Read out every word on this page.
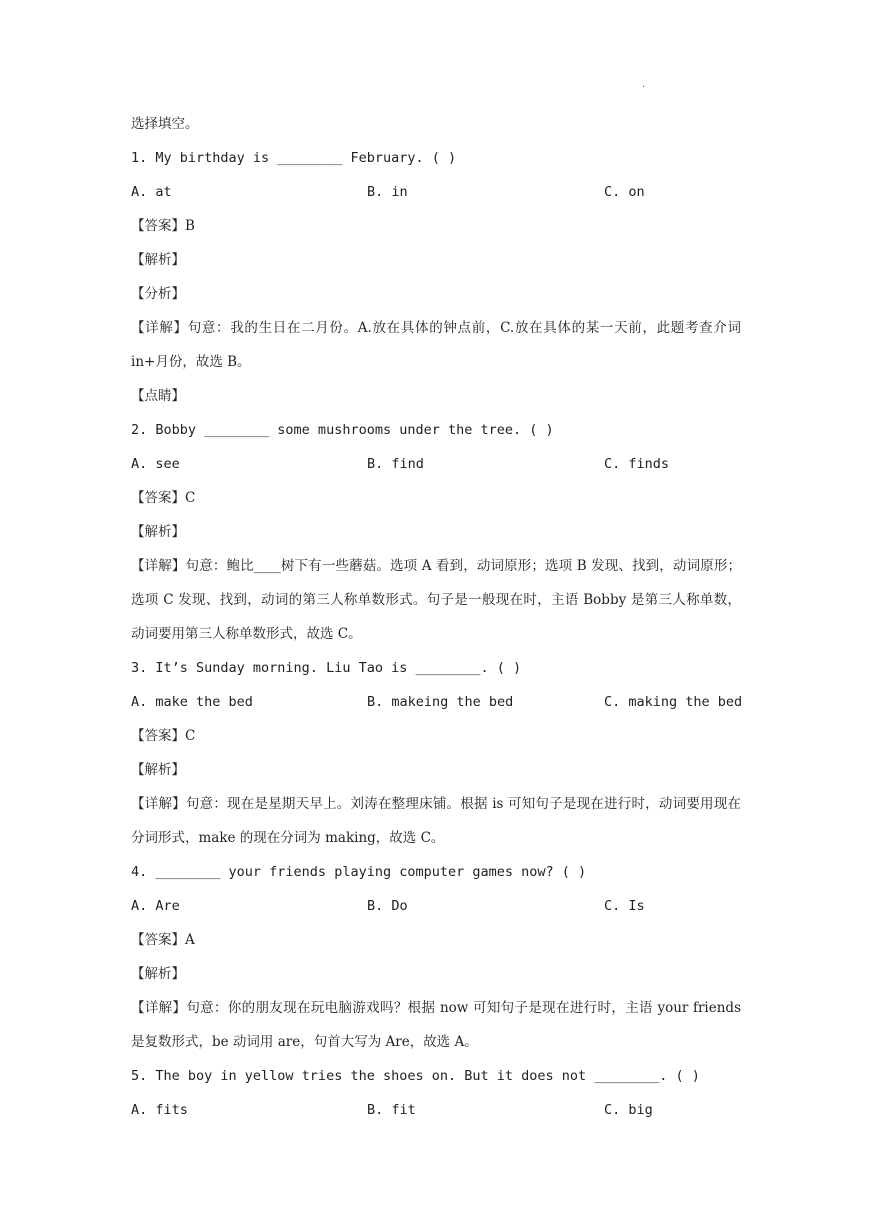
·
选择填空。
1. My birthday is ________ February. ( )
A. at	B. in	C. on
【答案】B
【解析】
【分析】
【详解】句意：我的生日在二月份。A.放在具体的钟点前，C.放在具体的某一天前，此题考查介词 in+月份，故选 B。
【点睛】
2. Bobby ________ some mushrooms under the tree. ( )
A. see	B. find	C. finds
【答案】C
【解析】
【详解】句意：鲍比____树下有一些蘑菇。选项 A 看到，动词原形；选项 B 发现、找到，动词原形；选项 C 发现、找到，动词的第三人称单数形式。句子是一般现在时，主语 Bobby 是第三人称单数，动词要用第三人称单数形式，故选 C。
3. It’s Sunday morning. Liu Tao is ________. ( )
A. make the bed	B. makeing the bed	C. making the bed
【答案】C
【解析】
【详解】句意：现在是星期天早上。刘涛在整理床铺。根据 is 可知句子是现在进行时，动词要用现在分词形式，make 的现在分词为 making，故选 C。
4. ________ your friends playing computer games now? ( )
A. Are	B. Do	C. Is
【答案】A
【解析】
【详解】句意：你的朋友现在玩电脑游戏吗？根据 now 可知句子是现在进行时，主语 your friends 是复数形式，be 动词用 are，句首大写为 Are，故选 A。
5. The boy in yellow tries the shoes on. But it does not ________. ( )
A. fits	B. fit	C. big
